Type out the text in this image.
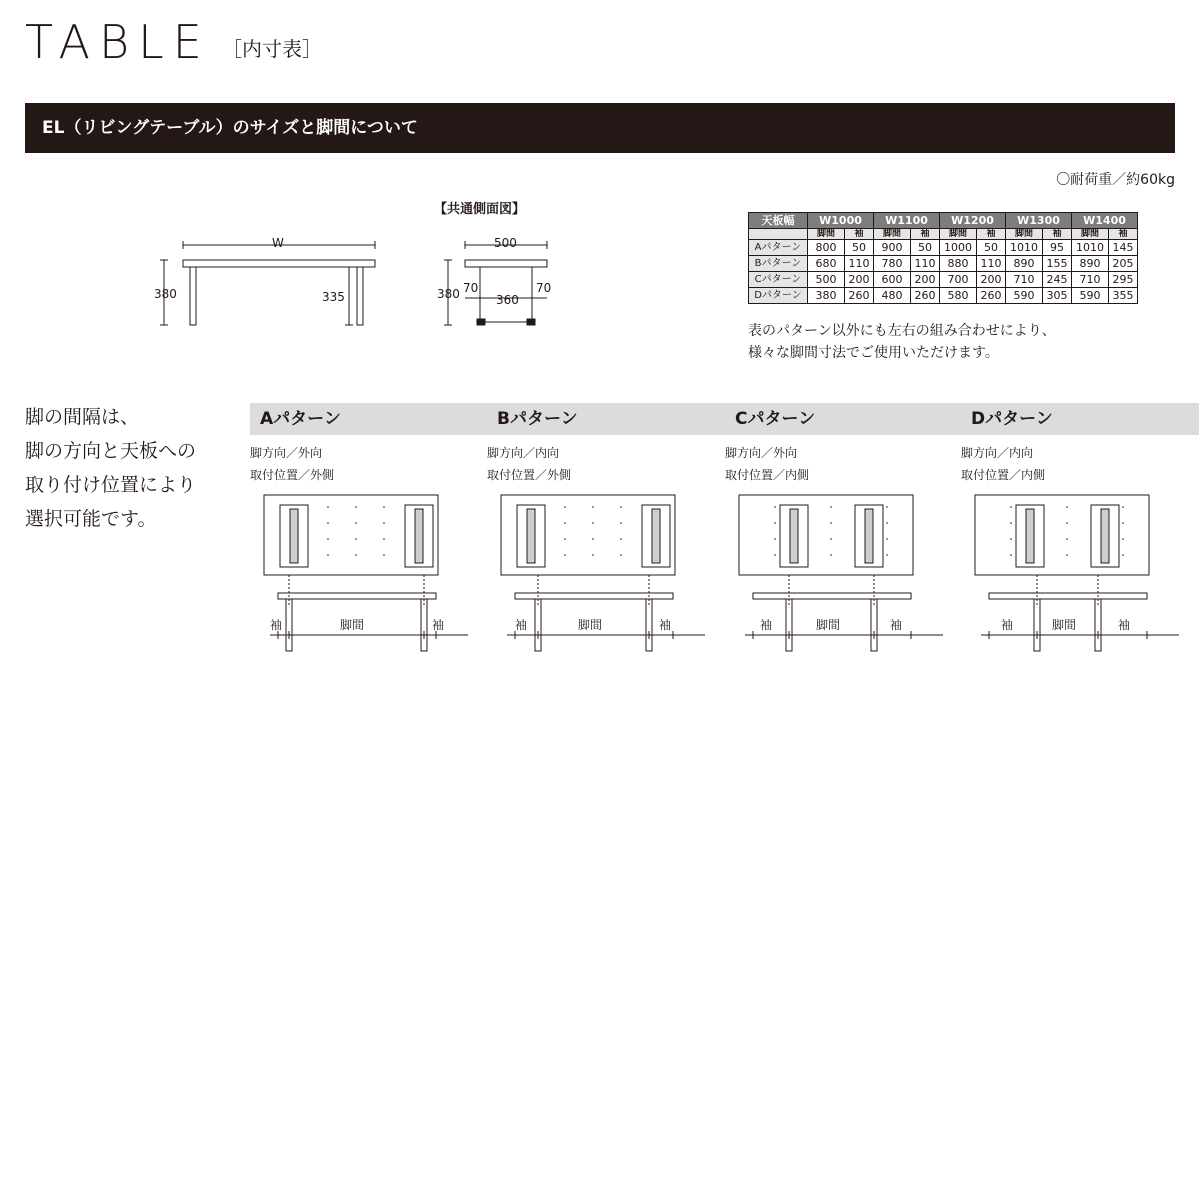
TABLE ［内寸表］
EL（リビングテーブル）のサイズと脚間について
〇耐荷重／約60kg
【共通側面図】
W
380	335
500
380 70
360
70
天板幅	W1000		W1100		W1200		W1300		W1400	
	脚間	袖	脚間	袖	脚間	袖	脚間	袖	脚間	袖
Aパターン	800	50	900	50	1000	50	1010	95	1010	145
Bパターン	680	110	780	110	880	110	890	155	890	205
Cパターン	500	200	600	200	700	200	710	245	710	295
Dパターン	380	260	480	260	580	260	590	305	590	355
表のパターン以外にも左右の組み合わせにより、
様々な脚間寸法でご使用いただけます。
脚の間隔は、
脚の方向と天板への
取り付け位置により
選択可能です。
Aパターン
脚方向／外向
取付位置／外側
袖	脚間	袖
Bパターン
脚方向／内向
取付位置／外側
袖	脚間	袖
Cパターン
脚方向／外向
取付位置／内側
袖	脚間	袖
Dパターン
脚方向／内向
取付位置／内側
袖	脚間	袖
